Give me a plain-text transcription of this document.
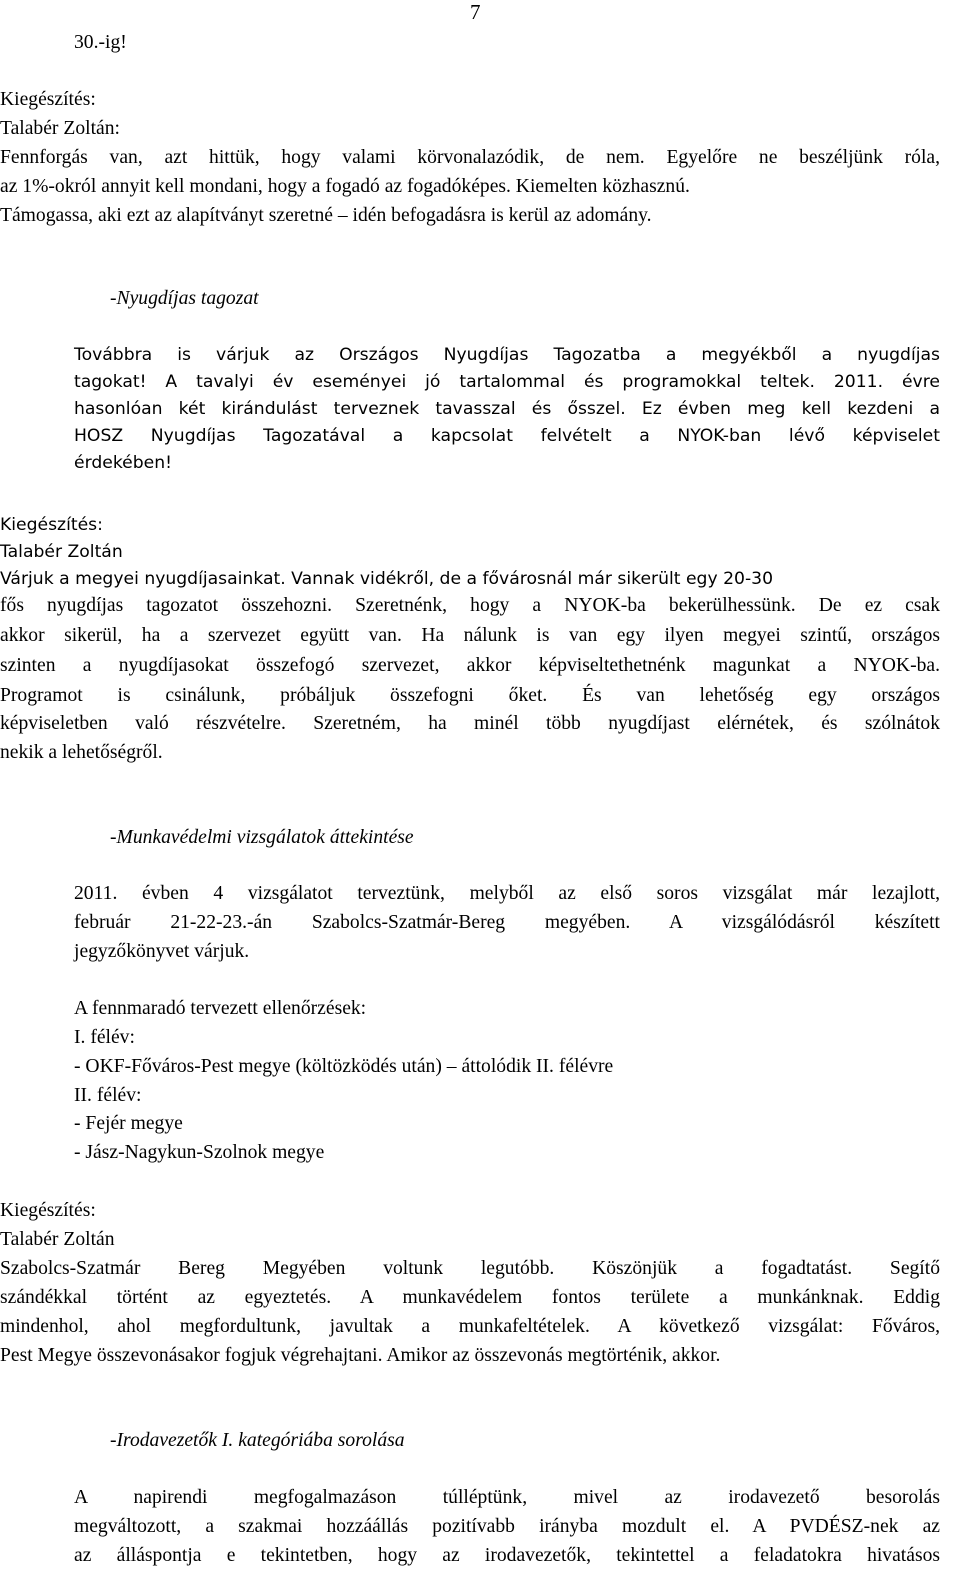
7
30.-ig!
Kiegészítés:
Talabér Zoltán:
Fennforgás van, azt hittük, hogy valami körvonalazódik, de nem. Egyelőre ne beszéljünk róla,
az 1%-okról annyit kell mondani, hogy a fogadó az fogadóképes. Kiemelten közhasznú.
Támogassa, aki ezt az alapítványt szeretné – idén befogadásra is kerül az adomány.
-Nyugdíjas tagozat
Továbbra is várjuk az Országos Nyugdíjas Tagozatba a megyékből a nyugdíjas
tagokat! A tavalyi év eseményei jó tartalommal és programokkal teltek. 2011. évre
hasonlóan két kirándulást terveznek tavasszal és ősszel. Ez évben meg kell kezdeni a
HOSZ Nyugdíjas Tagozatával a kapcsolat felvételt a NYOK-ban lévő képviselet
érdekében!
Kiegészítés:
Talabér Zoltán
Várjuk a megyei nyugdíjasainkat. Vannak vidékről, de a fővárosnál már sikerült egy 20-30
fős nyugdíjas tagozatot összehozni. Szeretnénk, hogy a NYOK-ba bekerülhessünk. De ez csak
akkor sikerül, ha a szervezet együtt van. Ha nálunk is van egy ilyen megyei szintű, országos
szinten a nyugdíjasokat összefogó szervezet, akkor képviseltethetnénk magunkat a NYOK-ba.
Programot is csinálunk, próbáljuk összefogni őket. És van lehetőség egy országos
képviseletben való részvételre. Szeretném, ha minél több nyugdíjast elérnétek, és szólnátok
nekik a lehetőségről.
-Munkavédelmi vizsgálatok áttekintése
2011. évben 4 vizsgálatot terveztünk, melyből az első soros vizsgálat már lezajlott,
február 21-22-23.-án Szabolcs-Szatmár-Bereg megyében. A vizsgálódásról készített
jegyzőkönyvet várjuk.
A fennmaradó tervezett ellenőrzések:
I. félév:
- OKF-Főváros-Pest megye (költözködés után) – áttolódik II. félévre
II. félév:
- Fejér megye
- Jász-Nagykun-Szolnok megye
Kiegészítés:
Talabér Zoltán
Szabolcs-Szatmár Bereg Megyében voltunk legutóbb. Köszönjük a fogadtatást. Segítő
szándékkal történt az egyeztetés. A munkavédelem fontos területe a munkánknak. Eddig
mindenhol, ahol megfordultunk, javultak a munkafeltételek. A következő vizsgálat: Főváros,
Pest Megye összevonásakor fogjuk végrehajtani. Amikor az összevonás megtörténik, akkor.
-Irodavezetők I. kategóriába sorolása
A napirendi megfogalmazáson túlléptünk, mivel az irodavezető besorolás
megváltozott, a szakmai hozzáállás pozitívabb irányba mozdult el. A PVDÉSZ-nek az
az álláspontja e tekintetben, hogy az irodavezetők, tekintettel a feladatokra hivatásos
